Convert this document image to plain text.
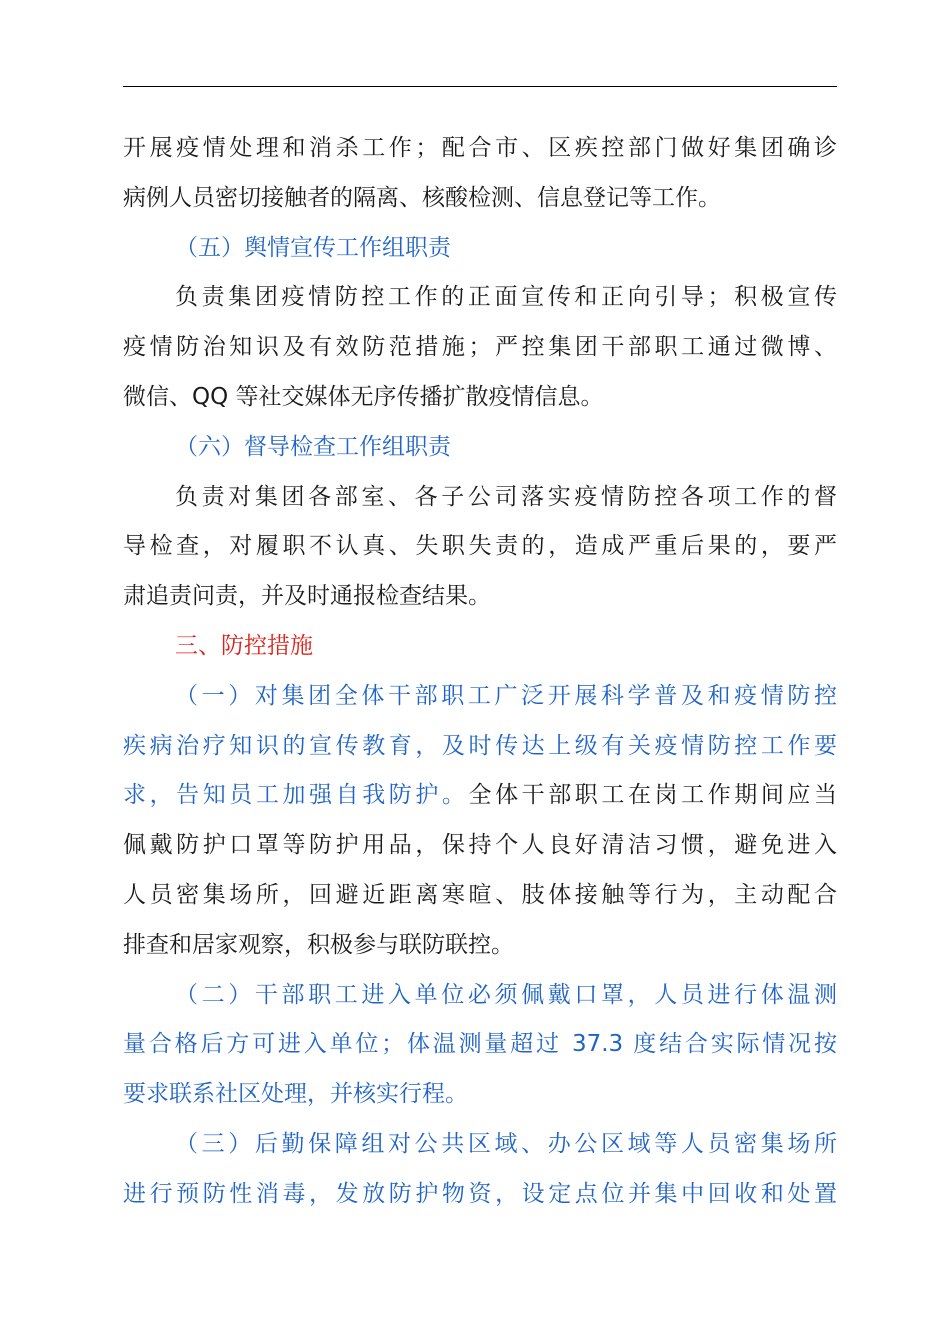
开展疫情处理和消杀工作；配合市、区疾控部门做好集团确诊
病例人员密切接触者的隔离、核酸检测、信息登记等工作。
（五）舆情宣传工作组职责
负责集团疫情防控工作的正面宣传和正向引导；积极宣传
疫情防治知识及有效防范措施；严控集团干部职工通过微博、
微信、QQ 等社交媒体无序传播扩散疫情信息。
（六）督导检查工作组职责
负责对集团各部室、各子公司落实疫情防控各项工作的督
导检查，对履职不认真、失职失责的，造成严重后果的，要严
肃追责问责，并及时通报检查结果。
三、防控措施
（一）对集团全体干部职工广泛开展科学普及和疫情防控
疾病治疗知识的宣传教育，及时传达上级有关疫情防控工作要
求，告知员工加强自我防护。全体干部职工在岗工作期间应当
佩戴防护口罩等防护用品，保持个人良好清洁习惯，避免进入
人员密集场所，回避近距离寒暄、肢体接触等行为，主动配合
排查和居家观察，积极参与联防联控。
（二）干部职工进入单位必须佩戴口罩，人员进行体温测
量合格后方可进入单位；体温测量超过 37.3 度结合实际情况按
要求联系社区处理，并核实行程。
（三）后勤保障组对公共区域、办公区域等人员密集场所
进行预防性消毒，发放防护物资，设定点位并集中回收和处置
